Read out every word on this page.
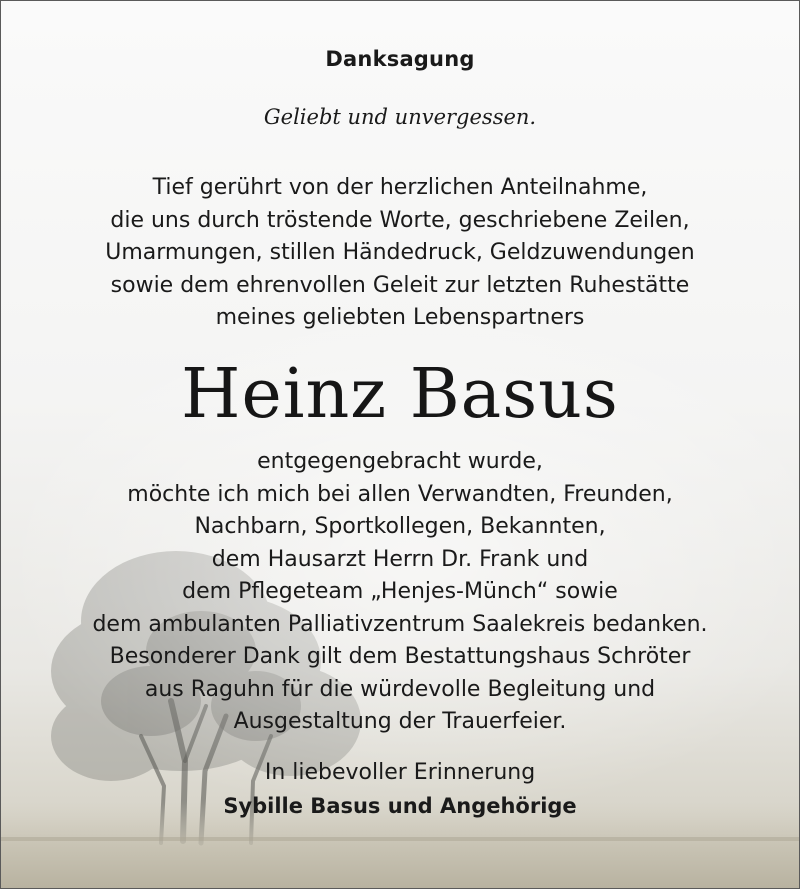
Danksagung
Geliebt und unvergessen.
Tief gerührt von der herzlichen Anteilnahme,
die uns durch tröstende Worte, geschriebene Zeilen,
Umarmungen, stillen Händedruck, Geldzuwendungen
sowie dem ehrenvollen Geleit zur letzten Ruhestätte
meines geliebten Lebenspartners
Heinz Basus
entgegengebracht wurde,
möchte ich mich bei allen Verwandten, Freunden,
Nachbarn, Sportkollegen, Bekannten,
dem Hausarzt Herrn Dr. Frank und
dem Pflegeteam „Henjes-Münch“ sowie
dem ambulanten Palliativzentrum Saalekreis bedanken.
Besonderer Dank gilt dem Bestattungshaus Schröter
aus Raguhn für die würdevolle Begleitung und
Ausgestaltung der Trauerfeier.
In liebevoller Erinnerung
Sybille Basus und Angehörige
